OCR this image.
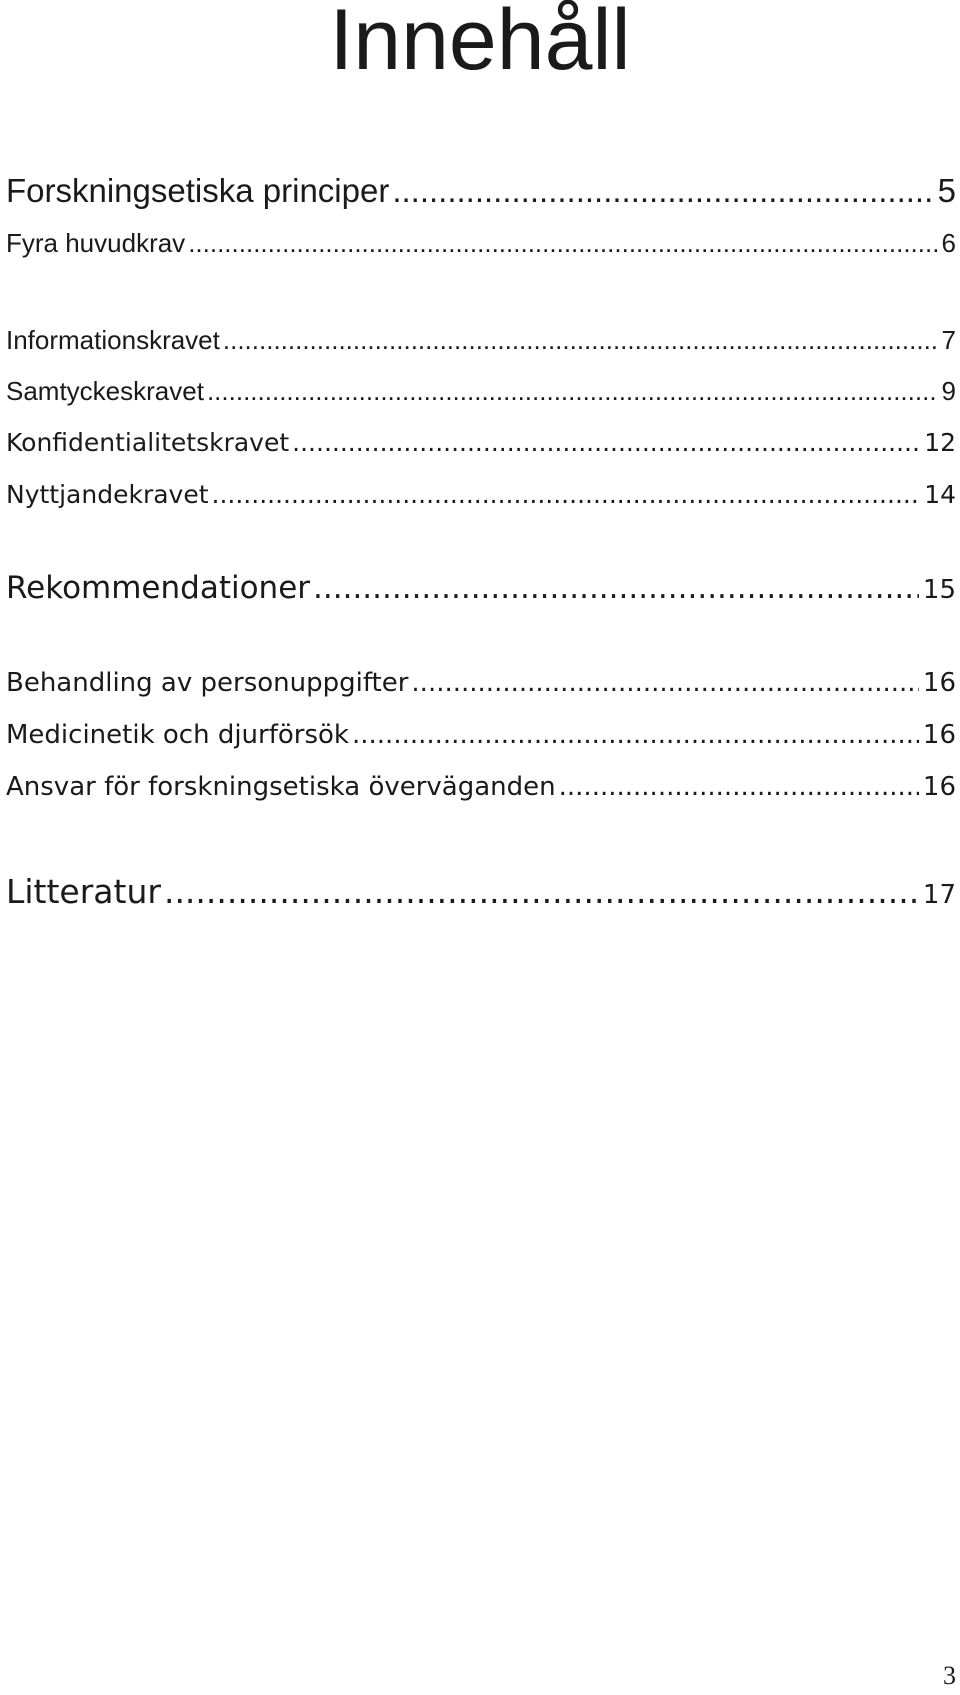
Innehåll
Forskningsetiska principer .....	5
Fyra huvudkrav .....	6
Informationskravet .....	7
Samtyckeskravet .....	9
Konfidentialitetskravet .....	12
Nyttjandekravet .....	14
Rekommendationer .....	15
Behandling av personuppgifter .....	16
Medicinetik och djurförsök .....	16
Ansvar för forskningsetiska överväganden .....	16
Litteratur .....	17
3
